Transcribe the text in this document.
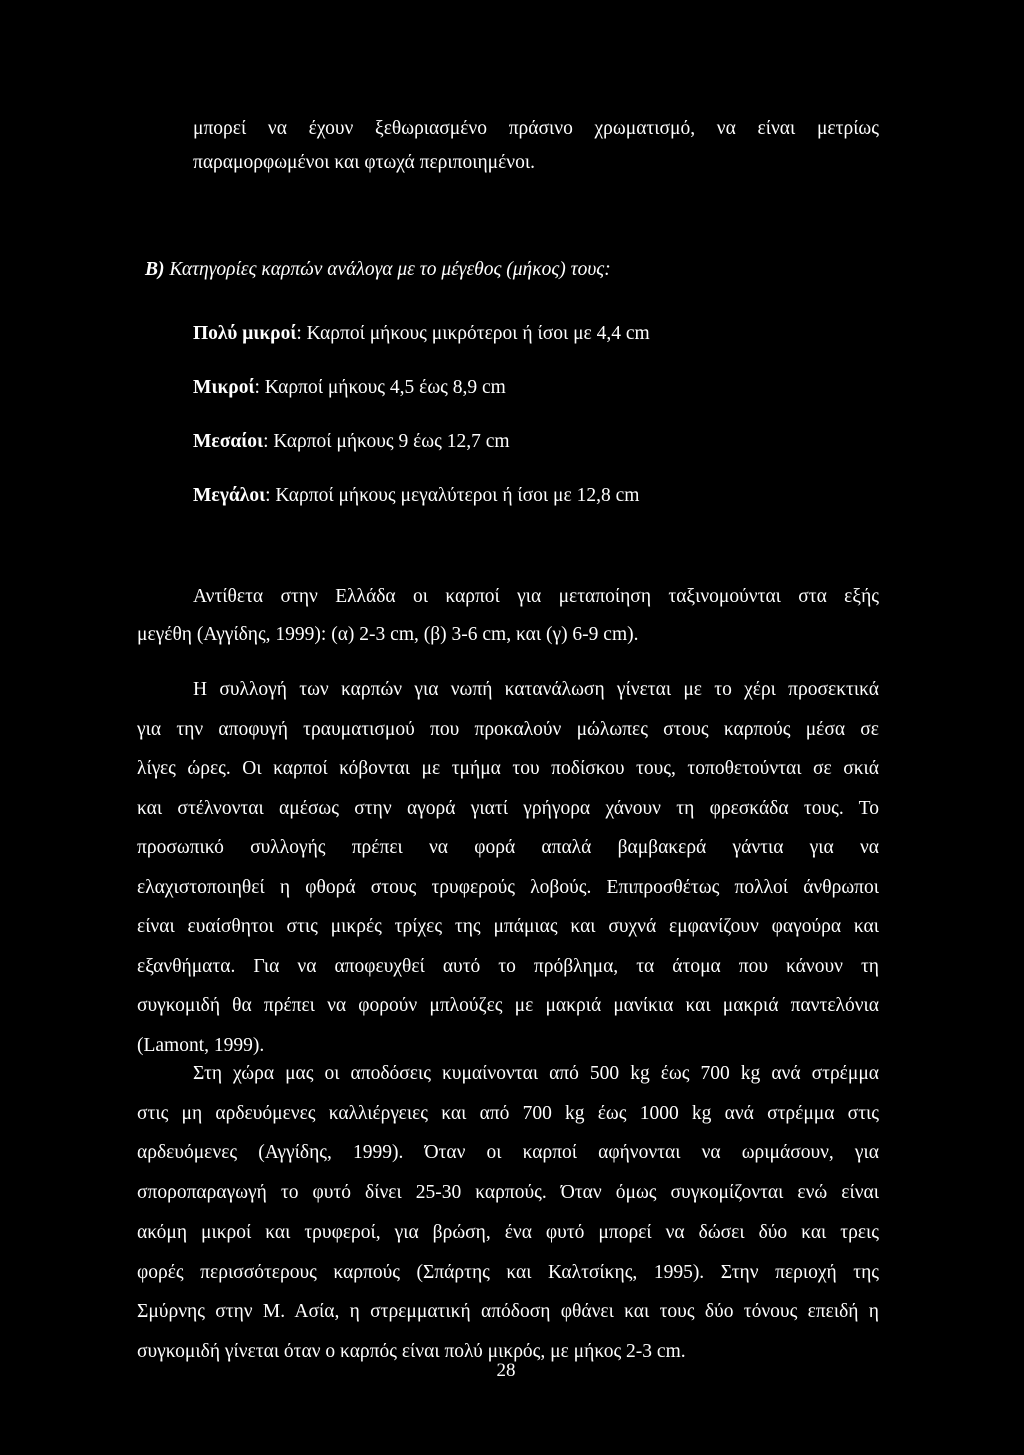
μπορεί να έχουν ξεθωριασμένο πράσινο χρωματισμό, να είναι μετρίως
παραμορφωμένοι και φτωχά περιποιημένοι.
Β) Κατηγορίες καρπών ανάλογα με το μέγεθος (μήκος) τους:
Πολύ μικροί: Καρποί μήκους μικρότεροι ή ίσοι με 4,4 cm
Μικροί: Καρποί μήκους 4,5 έως 8,9 cm
Μεσαίοι: Καρποί μήκους 9 έως 12,7 cm
Μεγάλοι: Καρποί μήκους μεγαλύτεροι ή ίσοι με 12,8 cm
Αντίθετα στην Ελλάδα οι καρποί για μεταποίηση ταξινομούνται στα εξής
μεγέθη (Αγγίδης, 1999): (α) 2-3 cm, (β) 3-6 cm, και (γ) 6-9 cm).
Η συλλογή των καρπών για νωπή κατανάλωση γίνεται με το χέρι προσεκτικά
για την αποφυγή τραυματισμού που προκαλούν μώλωπες στους καρπούς μέσα σε
λίγες ώρες. Οι καρποί κόβονται με τμήμα του ποδίσκου τους, τοποθετούνται σε σκιά
και στέλνονται αμέσως στην αγορά γιατί γρήγορα χάνουν τη φρεσκάδα τους. Το
προσωπικό συλλογής πρέπει να φορά απαλά βαμβακερά γάντια για να
ελαχιστοποιηθεί η φθορά στους τρυφερούς λοβούς. Επιπροσθέτως πολλοί άνθρωποι
είναι ευαίσθητοι στις μικρές τρίχες της μπάμιας και συχνά εμφανίζουν φαγούρα και
εξανθήματα. Για να αποφευχθεί αυτό το πρόβλημα, τα άτομα που κάνουν τη
συγκομιδή θα πρέπει να φορούν μπλούζες με μακριά μανίκια και μακριά παντελόνια
(Lamont, 1999).
Στη χώρα μας οι αποδόσεις κυμαίνονται από 500 kg έως 700 kg ανά στρέμμα
στις μη αρδευόμενες καλλιέργειες και από 700 kg έως 1000 kg ανά στρέμμα στις
αρδευόμενες (Αγγίδης, 1999). Όταν οι καρποί αφήνονται να ωριμάσουν, για
σποροπαραγωγή το φυτό δίνει 25-30 καρπούς. Όταν όμως συγκομίζονται ενώ είναι
ακόμη μικροί και τρυφεροί, για βρώση, ένα φυτό μπορεί να δώσει δύο και τρεις
φορές περισσότερους καρπούς (Σπάρτης και Καλτσίκης, 1995). Στην περιοχή της
Σμύρνης στην Μ. Ασία, η στρεμματική απόδοση φθάνει και τους δύο τόνους επειδή η
συγκομιδή γίνεται όταν ο καρπός είναι πολύ μικρός, με μήκος 2-3 cm.
28
